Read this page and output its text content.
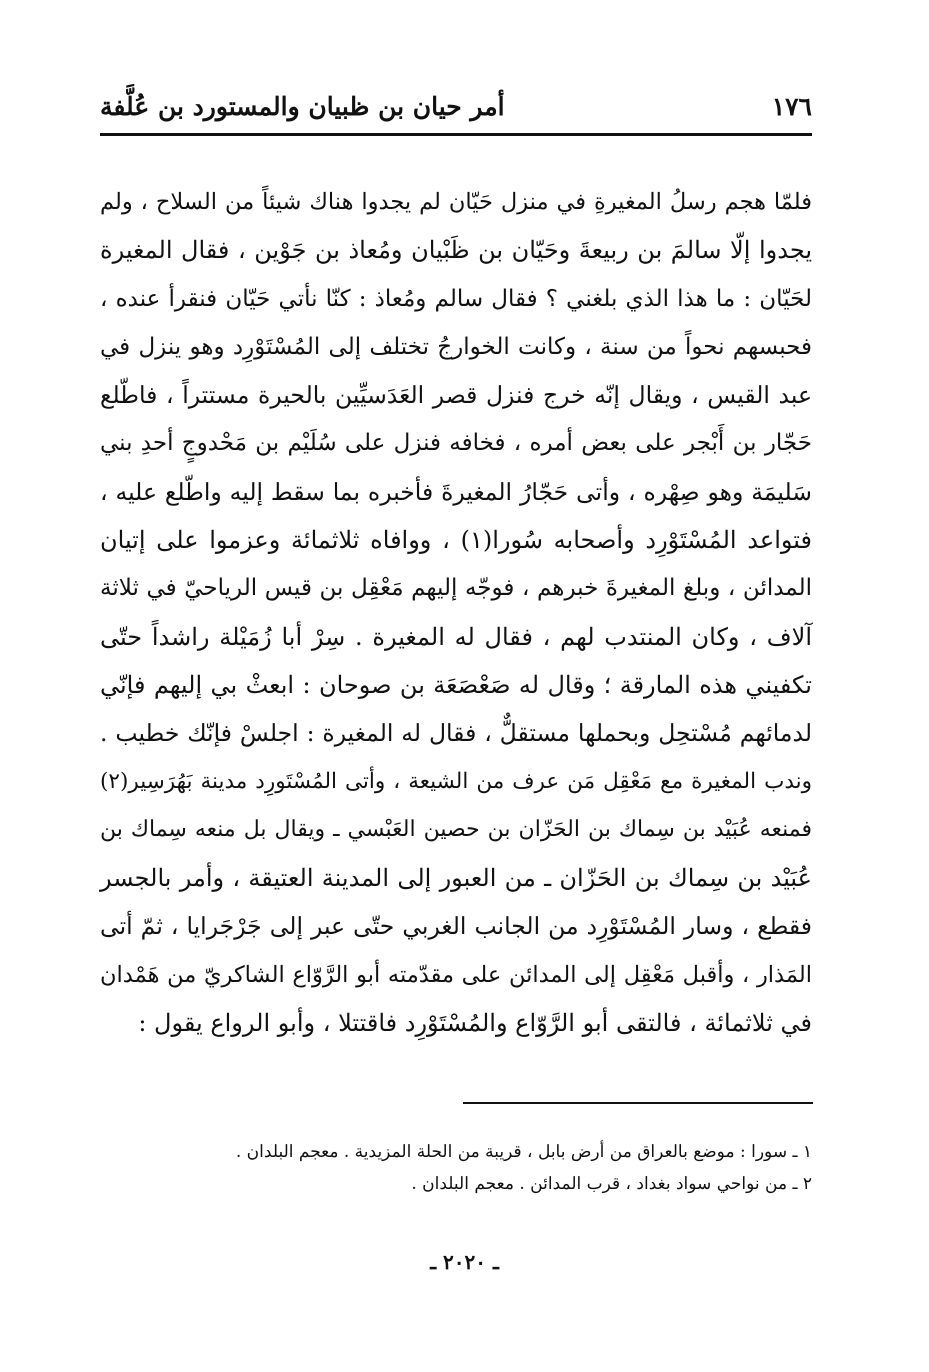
١٧٦
أمر حيان بن ظبيان والمستورد بن عُلَّفة
فلمّا هجم رسلُ المغيرةِ في منزل حَيّان لم يجدوا هناك شيئاً من السلاح ، ولم
يجدوا إلّا سالمَ بن ربيعةَ وحَيّان بن ظَبْيان ومُعاذ بن جَوْين ، فقال المغيرة
لحَيّان : ما هذا الذي بلغني ؟ فقال سالم ومُعاذ : كنّا نأتي حَيّان فنقرأ عنده ،
فحبسهم نحواً من سنة ، وكانت الخوارجُ تختلف إلى المُسْتَوْرِد وهو ينزل في
عبد القيس ، ويقال إنّه خرج فنزل قصر العَدَسيِّين بالحيرة مستتراً ، فاطّلع
حَجّار بن أَبْجر على بعض أمره ، فخافه فنزل على سُلَيْم بن مَحْدوجٍ أحدِ بني
سَليمَة وهو صِهْره ، وأتى حَجّارُ المغيرةَ فأخبره بما سقط إليه واطّلع عليه ،
فتواعد المُسْتَوْرِد وأصحابه سُورا(١) ، ووافاه ثلاثمائة وعزموا على إتيان
المدائن ، وبلغ المغيرةَ خبرهم ، فوجّه إليهم مَعْقِل بن قيس الرياحيّ في ثلاثة
آلاف ، وكان المنتدب لهم ، فقال له المغيرة . سِرْ أبا زُمَيْلة راشداً حتّى
تكفيني هذه المارقة ؛ وقال له صَعْصَعَة بن صوحان : ابعثْ بي إليهم فإنّي
لدمائهم مُسْتحِل وبحملها مستقلٌّ ، فقال له المغيرة : اجلسْ فإنّك خطيب .
وندب المغيرة مع مَعْقِل مَن عرف من الشيعة ، وأتى المُسْتَورِد مدينة بَهُرَسِير(٢)
فمنعه عُبَيْد بن سِماك بن الحَزّان بن حصين العَبْسي ـ ويقال بل منعه سِماك بن
عُبَيْد بن سِماك بن الحَزّان ـ من العبور إلى المدينة العتيقة ، وأمر بالجسر
فقطع ، وسار المُسْتَوْرِد من الجانب الغربي حتّى عبر إلى جَرْجَرايا ، ثمّ أتى
المَذار ، وأقبل مَعْقِل إلى المدائن على مقدّمته أبو الرَّوّاع الشاكريّ من هَمْدان
في ثلاثمائة ، فالتقى أبو الرَّوّاع والمُسْتَوْرِد فاقتتلا ، وأبو الرواع يقول :
١ ـ سورا : موضع بالعراق من أرض بابل ، قريبة من الحلة المزيدية . معجم البلدان .
٢ ـ من نواحي سواد بغداد ، قرب المدائن . معجم البلدان .
ـ ٢٠٢٠ ـ
